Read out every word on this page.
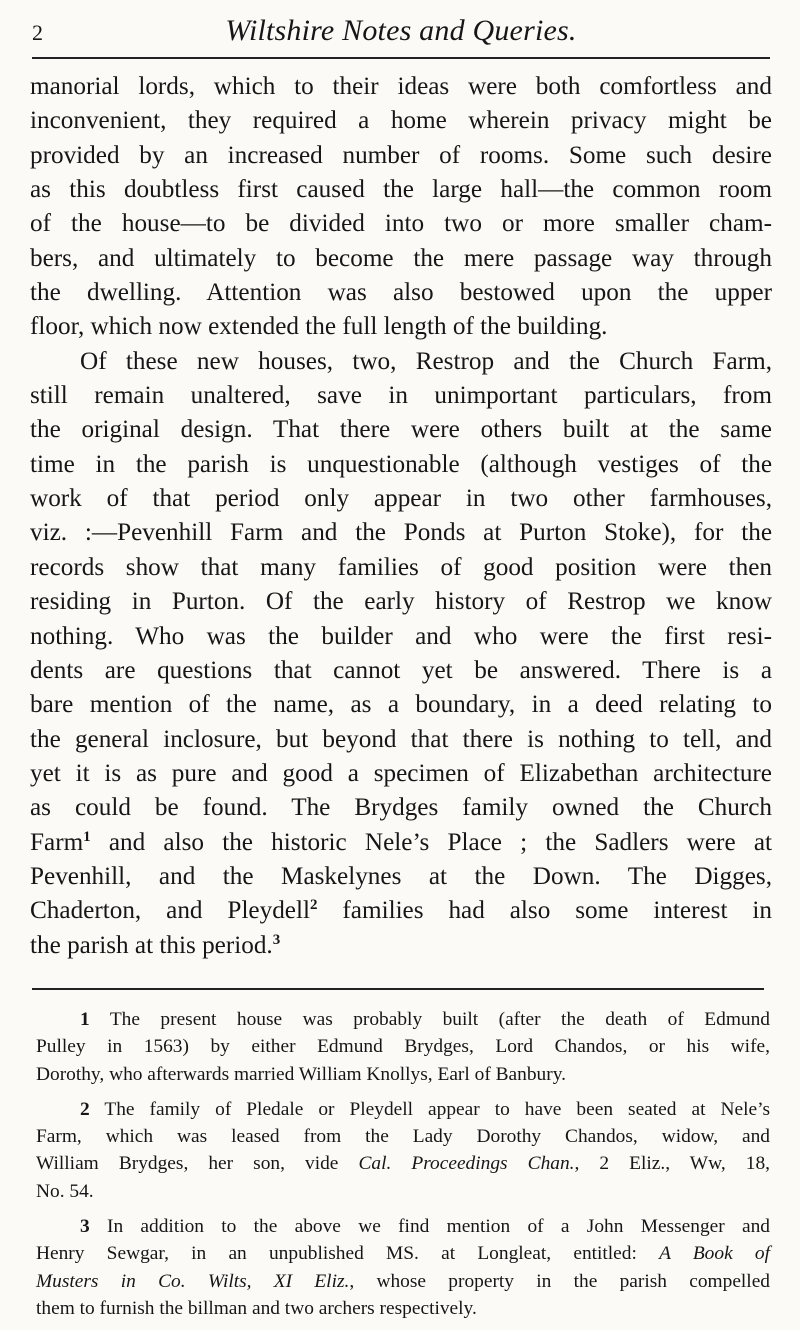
2	Wiltshire Notes and Queries.
manorial lords, which to their ideas were both comfortless and
inconvenient, they required a home wherein privacy might be
provided by an increased number of rooms. Some such desire
as this doubtless first caused the large hall—the common room
of the house—to be divided into two or more smaller cham-
bers, and ultimately to become the mere passage way through
the dwelling. Attention was also bestowed upon the upper
floor, which now extended the full length of the building.
Of these new houses, two, Restrop and the Church Farm,
still remain unaltered, save in unimportant particulars, from
the original design. That there were others built at the same
time in the parish is unquestionable (although vestiges of the
work of that period only appear in two other farmhouses,
viz. :—Pevenhill Farm and the Ponds at Purton Stoke), for the
records show that many families of good position were then
residing in Purton. Of the early history of Restrop we know
nothing. Who was the builder and who were the first resi-
dents are questions that cannot yet be answered. There is a
bare mention of the name, as a boundary, in a deed relating to
the general inclosure, but beyond that there is nothing to tell, and
yet it is as pure and good a specimen of Elizabethan architecture
as could be found. The Brydges family owned the Church
Farm$^1$ and also the historic Nele’s Place ; the Sadlers were at
Pevenhill, and the Maskelynes at the Down. The Digges,
Chaderton, and Pleydell$^2$ families had also some interest in
the parish at this period.$^3$
1 The present house was probably built (after the death of Edmund
Pulley in 1563) by either Edmund Brydges, Lord Chandos, or his wife,
Dorothy, who afterwards married William Knollys, Earl of Banbury.
2 The family of Pledale or Pleydell appear to have been seated at Nele’s
Farm, which was leased from the Lady Dorothy Chandos, widow, and
William Brydges, her son, vide Cal. Proceedings Chan., 2 Eliz., Ww, 18,
No. 54.
3 In addition to the above we find mention of a John Messenger and
Henry Sewgar, in an unpublished MS. at Longleat, entitled: A Book of
Musters in Co. Wilts, XI Eliz., whose property in the parish compelled
them to furnish the billman and two archers respectively.
